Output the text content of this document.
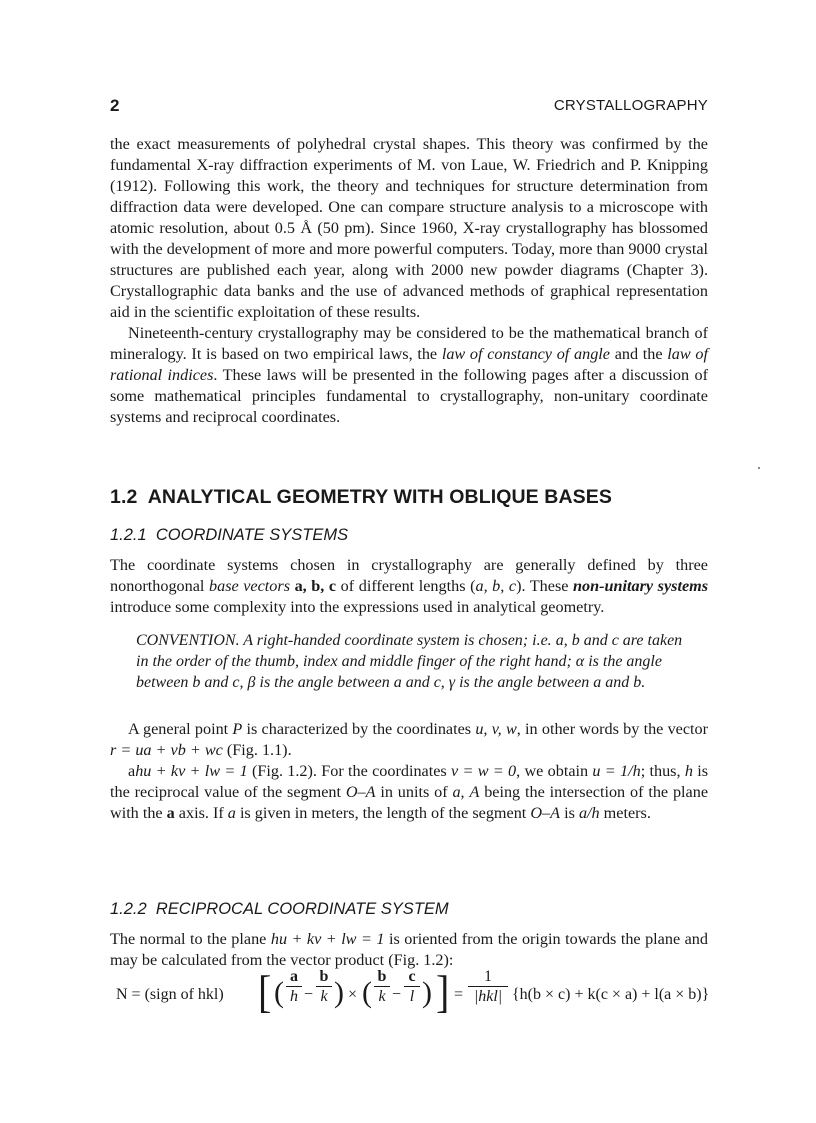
2	CRYSTALLOGRAPHY
the exact measurements of polyhedral crystal shapes. This theory was confirmed by the fundamental X-ray diffraction experiments of M. von Laue, W. Friedrich and P. Knipping (1912). Following this work, the theory and techniques for structure determination from diffraction data were developed. One can compare structure analysis to a microscope with atomic resolution, about 0.5 Å (50 pm). Since 1960, X-ray crystallography has blossomed with the development of more and more powerful computers. Today, more than 9000 crystal structures are published each year, along with 2000 new powder diagrams (Chapter 3). Crystallographic data banks and the use of advanced methods of graphical representation aid in the scientific exploitation of these results.
Nineteenth-century crystallography may be considered to be the mathematical branch of mineralogy. It is based on two empirical laws, the law of constancy of angle and the law of rational indices. These laws will be presented in the following pages after a discussion of some mathematical principles fundamental to crystallography, non-unitary coordinate systems and reciprocal coordinates.
1.2 ANALYTICAL GEOMETRY WITH OBLIQUE BASES
1.2.1 COORDINATE SYSTEMS
The coordinate systems chosen in crystallography are generally defined by three nonorthogonal base vectors a, b, c of different lengths (a, b, c). These non-unitary systems introduce some complexity into the expressions used in analytical geometry.
CONVENTION. A right-handed coordinate system is chosen; i.e. a, b and c are taken in the order of the thumb, index and middle finger of the right hand; α is the angle between b and c, β is the angle between a and c, γ is the angle between a and b.
A general point P is characterized by the coordinates u, v, w, in other words by the vector r = ua + vb + wc (Fig. 1.1).
ahu + kv + lw = 1 (Fig. 1.2). For the coordinates v = w = 0, we obtain u = 1/h; thus, h is the reciprocal value of the segment O–A in units of a, A being the intersection of the plane with the a axis. If a is given in meters, the length of the segment O–A is a/h meters.
1.2.2 RECIPROCAL COORDINATE SYSTEM
The normal to the plane hu + kv + lw = 1 is oriented from the origin towards the plane and may be calculated from the vector product (Fig. 1.2):
N = (sign of hkl) [ ( a
h −
b
k ) × ( b
k −
c
l ) ] =
1
|hkl| {h(b × c) + k(c × a) + l(a × b)}
